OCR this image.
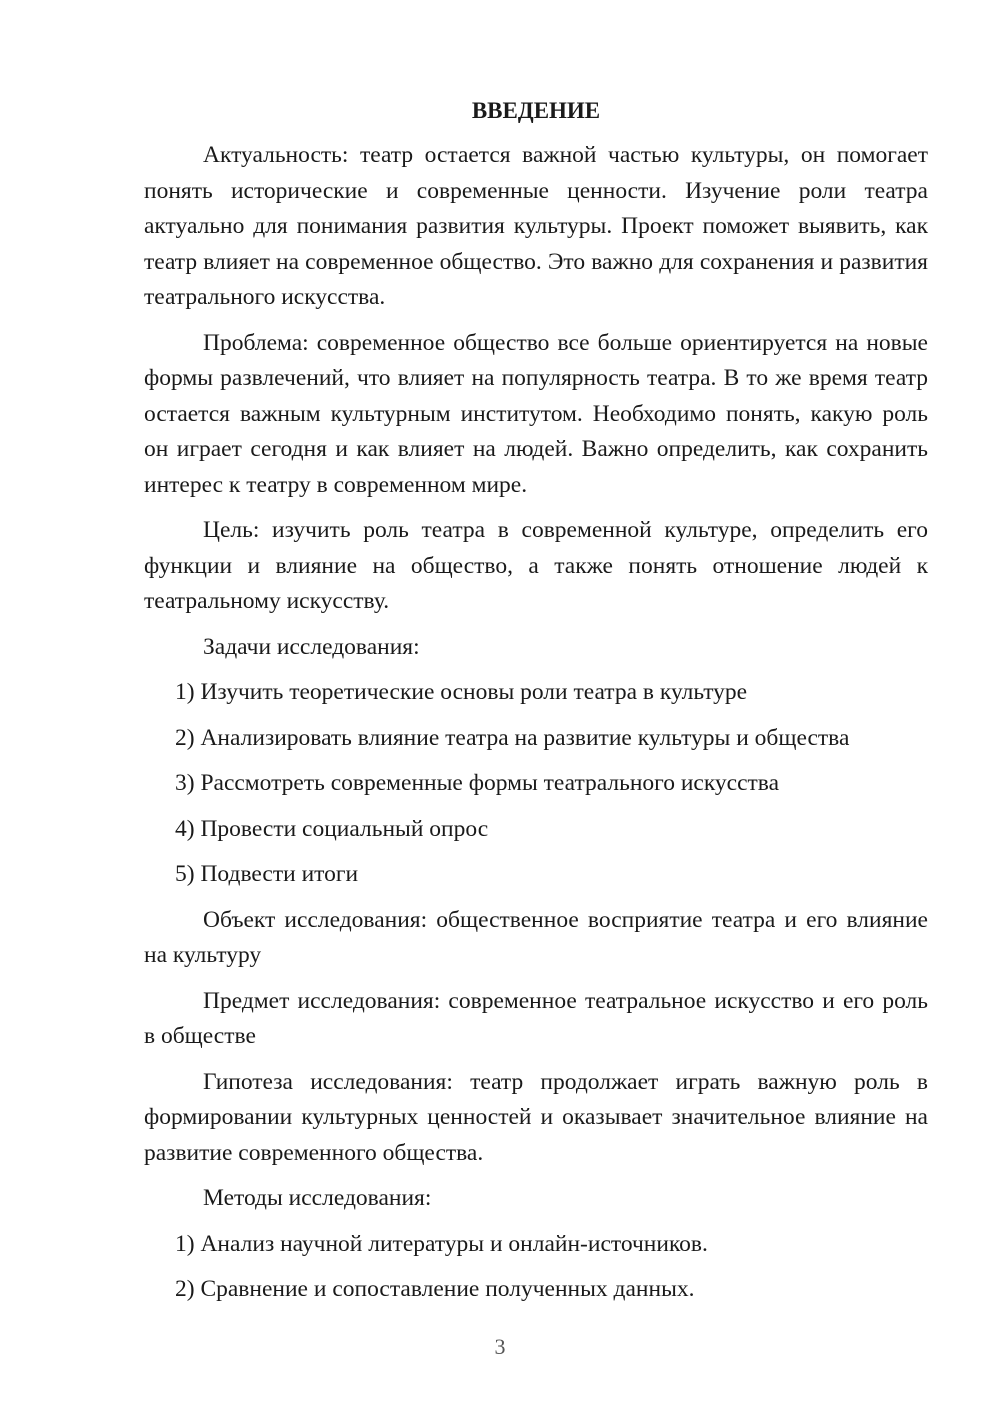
ВВЕДЕНИЕ

Актуальность: театр остается важной частью культуры, он помогает понять исторические и современные ценности. Изучение роли театра актуально для понимания развития культуры. Проект поможет выявить, как театр влияет на современное общество. Это важно для сохранения и развития театрального искусства.

Проблема: современное общество все больше ориентируется на новые формы развлечений, что влияет на популярность театра. В то же время театр остается важным культурным институтом. Необходимо понять, какую роль он играет сегодня и как влияет на людей. Важно определить, как сохранить интерес к театру в современном мире.

Цель: изучить роль театра в современной культуре, определить его функции и влияние на общество, а также понять отношение людей к театральному искусству.

Задачи исследования:

1) Изучить теоретические основы роли театра в культуре
2) Анализировать влияние театра на развитие культуры и общества
3) Рассмотреть современные формы театрального искусства
4) Провести социальный опрос
5) Подвести итоги

Объект исследования: общественное восприятие театра и его влияние на культуру

Предмет исследования: современное театральное искусство и его роль в обществе

Гипотеза исследования: театр продолжает играть важную роль в формировании культурных ценностей и оказывает значительное влияние на развитие современного общества.

Методы исследования:

1) Анализ научной литературы и онлайн-источников.
2) Сравнение и сопоставление полученных данных.
3
